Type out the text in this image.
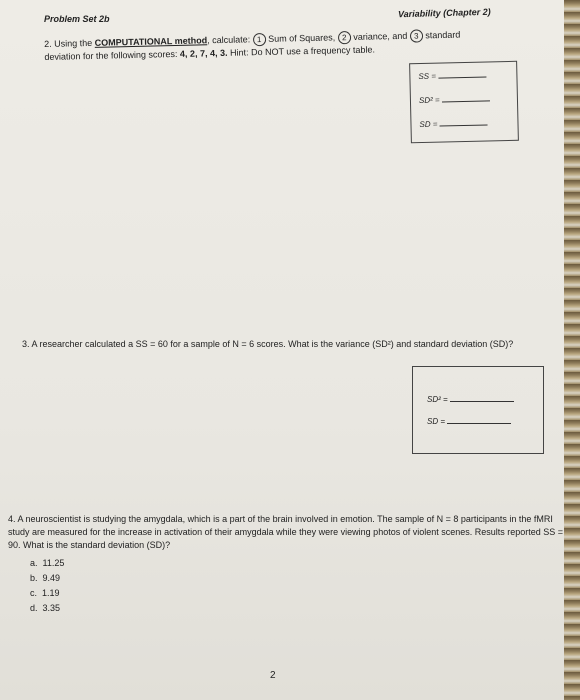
Problem Set 2b	Variability (Chapter 2)
2. Using the COMPUTATIONAL method, calculate: 1 Sum of Squares, 2 variance, and 3 standard
deviation for the following scores: 4, 2, 7, 4, 3. Hint: Do NOT use a frequency table.
SS =
SD² =
SD =
3. A researcher calculated a SS = 60 for a sample of N = 6 scores. What is the variance (SD²) and standard deviation (SD)?
SD² =
SD =
4. A neuroscientist is studying the amygdala, which is a part of the brain involved in emotion. The sample of N = 8 participants in the fMRI study are measured for the increase in activation of their amygdala while they were viewing photos of violent scenes. Results reported SS = 90. What is the standard deviation (SD)?
a. 11.25
b. 9.49
c. 1.19
d. 3.35
2
